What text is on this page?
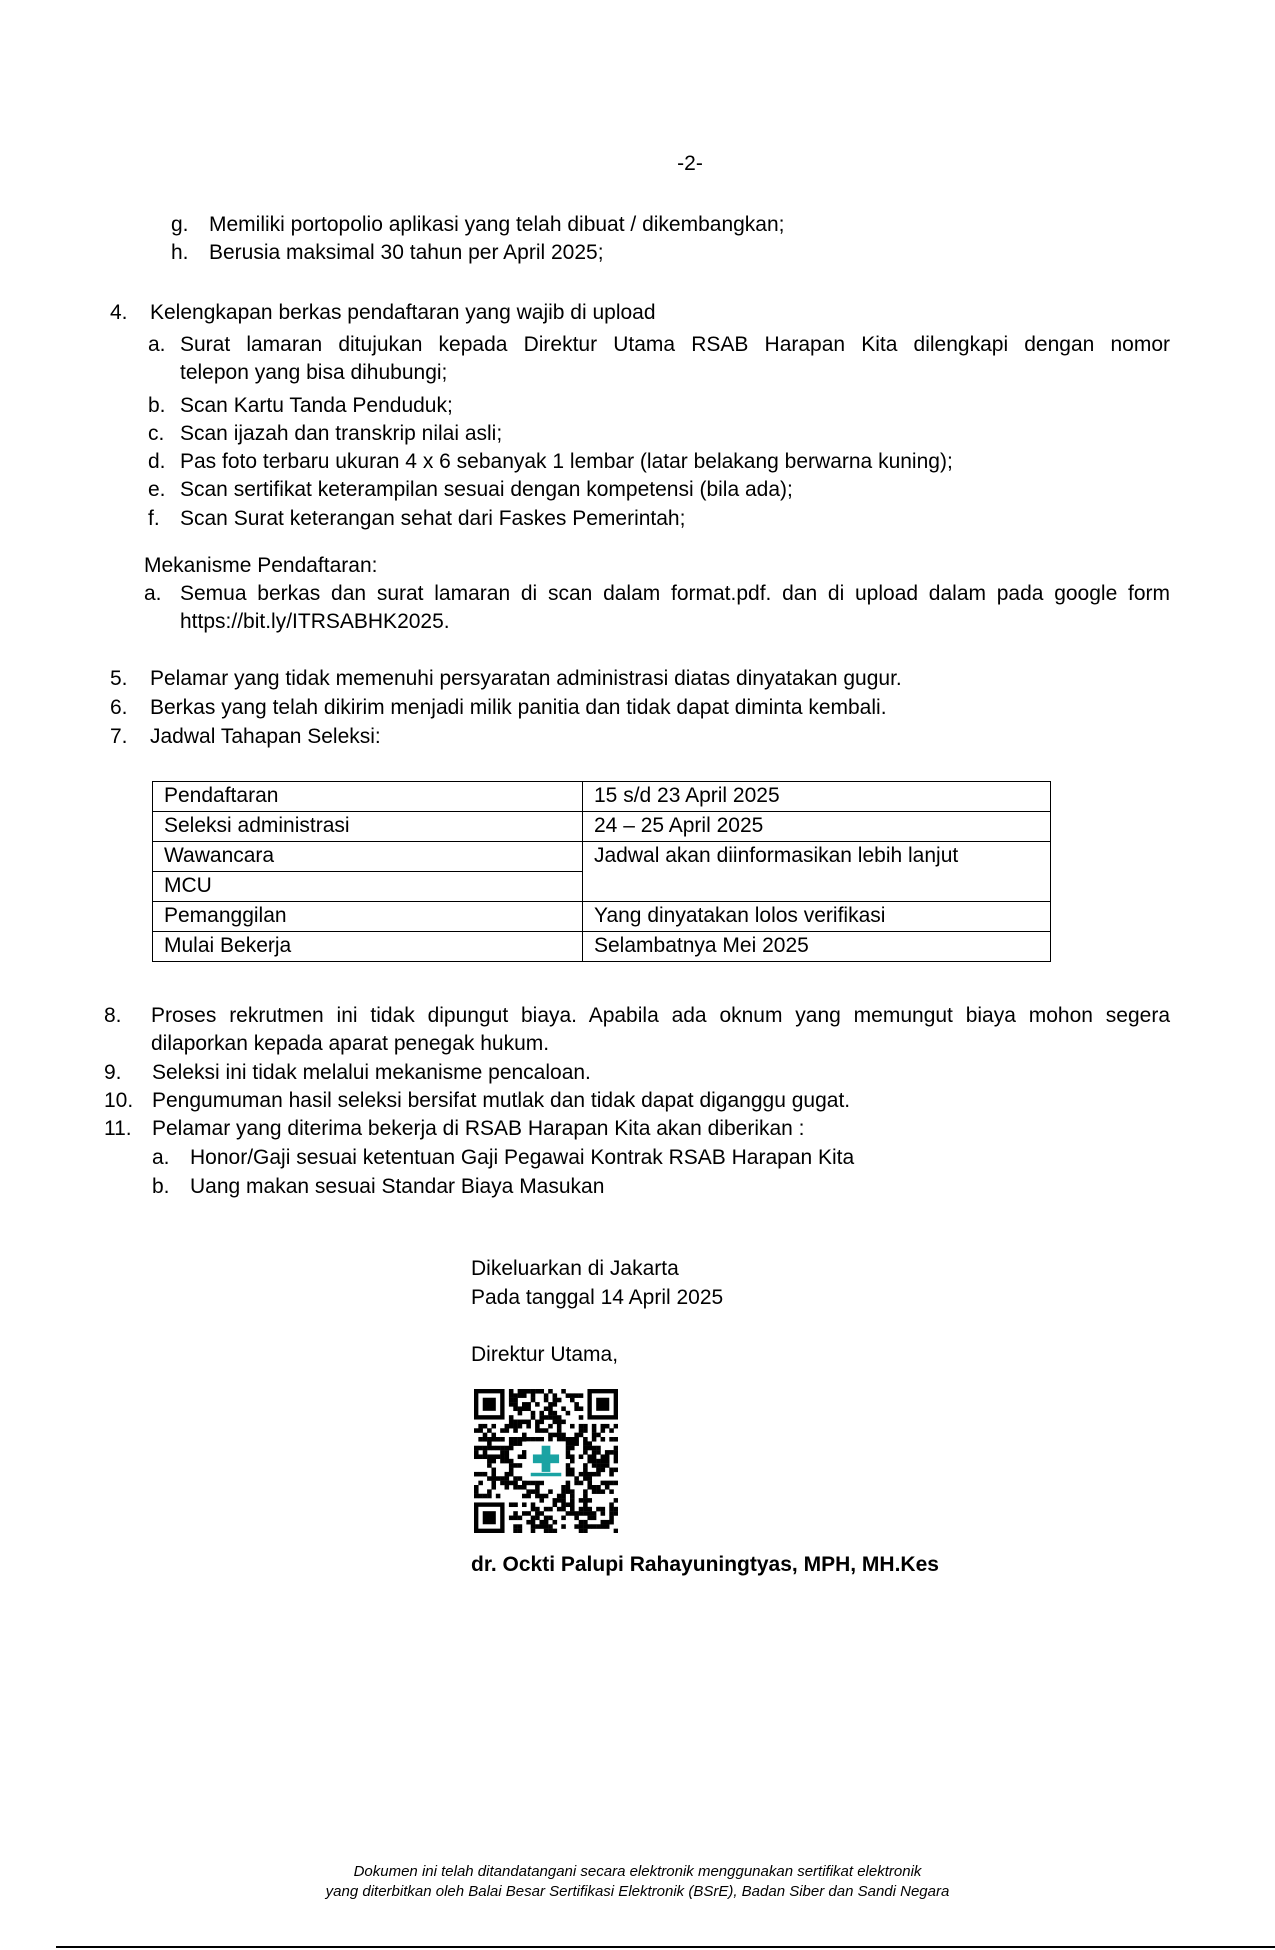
-2-
g. Memiliki portopolio aplikasi yang telah dibuat / dikembangkan;
h. Berusia maksimal 30 tahun per April 2025;
4. Kelengkapan berkas pendaftaran yang wajib di upload
a. Surat lamaran ditujukan kepada Direktur Utama RSAB Harapan Kita dilengkapi dengan nomor
telepon yang bisa dihubungi;
b. Scan Kartu Tanda Penduduk;
c. Scan ijazah dan transkrip nilai asli;
d. Pas foto terbaru ukuran 4 x 6 sebanyak 1 lembar (latar belakang berwarna kuning);
e. Scan sertifikat keterampilan sesuai dengan kompetensi (bila ada);
f. Scan Surat keterangan sehat dari Faskes Pemerintah;
Mekanisme Pendaftaran:
a. Semua berkas dan surat lamaran di scan dalam format.pdf. dan di upload dalam pada google form
https://bit.ly/ITRSABHK2025.
5. Pelamar yang tidak memenuhi persyaratan administrasi diatas dinyatakan gugur.
6. Berkas yang telah dikirim menjadi milik panitia dan tidak dapat diminta kembali.
7. Jadwal Tahapan Seleksi:
Pendaftaran	15 s/d 23 April 2025
Seleksi administrasi	24 – 25 April 2025
Wawancara	Jadwal akan diinformasikan lebih lanjut
MCU	
Pemanggilan	Yang dinyatakan lolos verifikasi
Mulai Bekerja	Selambatnya Mei 2025
8. Proses rekrutmen ini tidak dipungut biaya. Apabila ada oknum yang memungut biaya mohon segera
dilaporkan kepada aparat penegak hukum.
9. Seleksi ini tidak melalui mekanisme pencaloan.
10. Pengumuman hasil seleksi bersifat mutlak dan tidak dapat diganggu gugat.
11. Pelamar yang diterima bekerja di RSAB Harapan Kita akan diberikan :
a. Honor/Gaji sesuai ketentuan Gaji Pegawai Kontrak RSAB Harapan Kita
b. Uang makan sesuai Standar Biaya Masukan
Dikeluarkan di Jakarta
Pada tanggal 14 April 2025
Direktur Utama,
dr. Ockti Palupi Rahayuningtyas, MPH, MH.Kes
Dokumen ini telah ditandatangani secara elektronik menggunakan sertifikat elektronik
yang diterbitkan oleh Balai Besar Sertifikasi Elektronik (BSrE), Badan Siber dan Sandi Negara
